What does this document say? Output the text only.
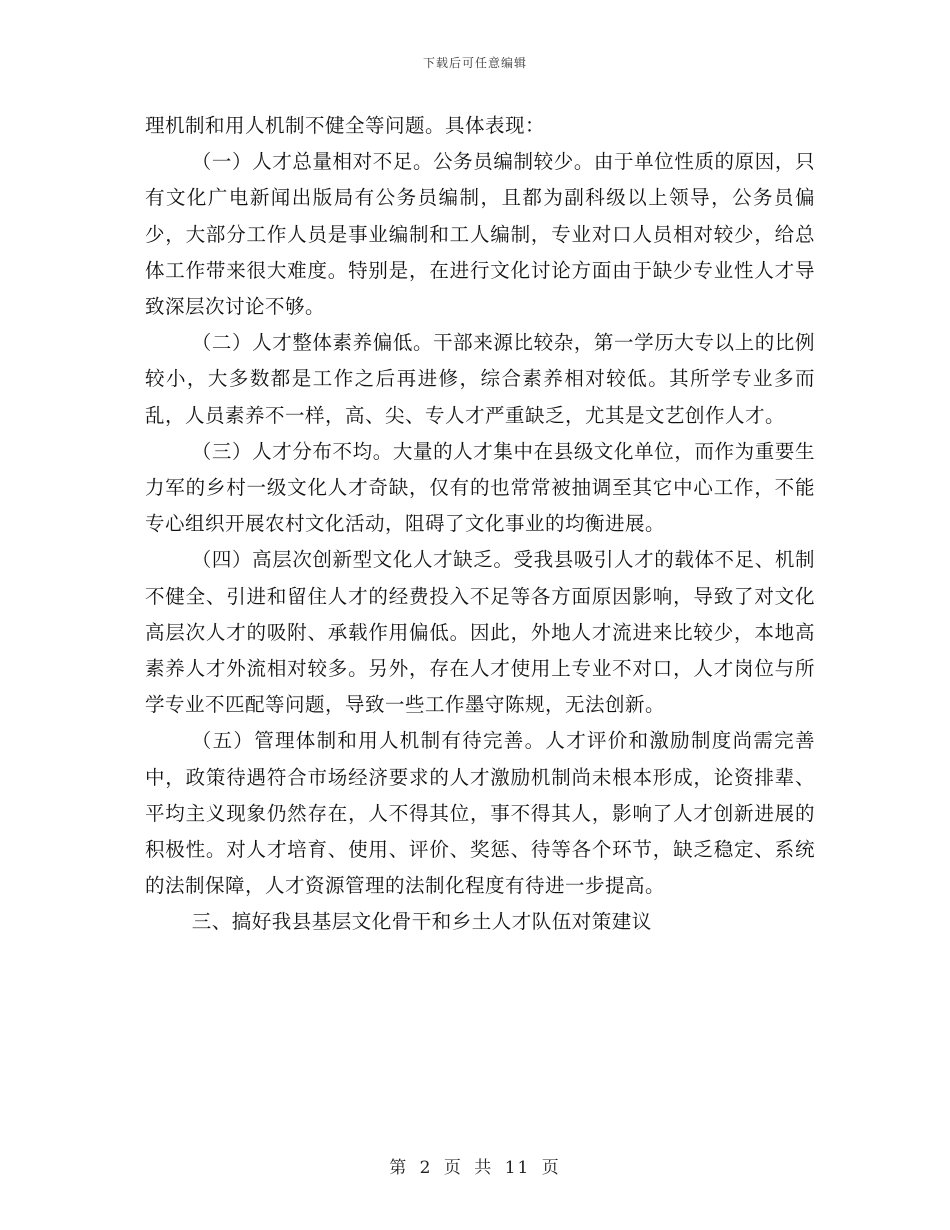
下载后可任意编辑

理机制和用人机制不健全等问题。具体表现：

（一）人才总量相对不足。公务员编制较少。由于单位性质的原因，只有文化广电新闻出版局有公务员编制，且都为副科级以上领导，公务员偏少，大部分工作人员是事业编制和工人编制，专业对口人员相对较少，给总体工作带来很大难度。特别是，在进行文化讨论方面由于缺少专业性人才导致深层次讨论不够。

（二）人才整体素养偏低。干部来源比较杂，第一学历大专以上的比例较小，大多数都是工作之后再进修，综合素养相对较低。其所学专业多而乱，人员素养不一样，高、尖、专人才严重缺乏，尤其是文艺创作人才。

（三）人才分布不均。大量的人才集中在县级文化单位，而作为重要生力军的乡村一级文化人才奇缺，仅有的也常常被抽调至其它中心工作，不能专心组织开展农村文化活动，阻碍了文化事业的均衡进展。

（四）高层次创新型文化人才缺乏。受我县吸引人才的载体不足、机制不健全、引进和留住人才的经费投入不足等各方面原因影响，导致了对文化高层次人才的吸附、承载作用偏低。因此，外地人才流进来比较少，本地高素养人才外流相对较多。另外，存在人才使用上专业不对口，人才岗位与所学专业不匹配等问题，导致一些工作墨守陈规，无法创新。

（五）管理体制和用人机制有待完善。人才评价和激励制度尚需完善中，政策待遇符合市场经济要求的人才激励机制尚未根本形成，论资排辈、平均主义现象仍然存在，人不得其位，事不得其人，影响了人才创新进展的积极性。对人才培育、使用、评价、奖惩、待等各个环节，缺乏稳定、系统的法制保障，人才资源管理的法制化程度有待进一步提高。

三、搞好我县基层文化骨干和乡土人才队伍对策建议

第 2 页 共 11 页
